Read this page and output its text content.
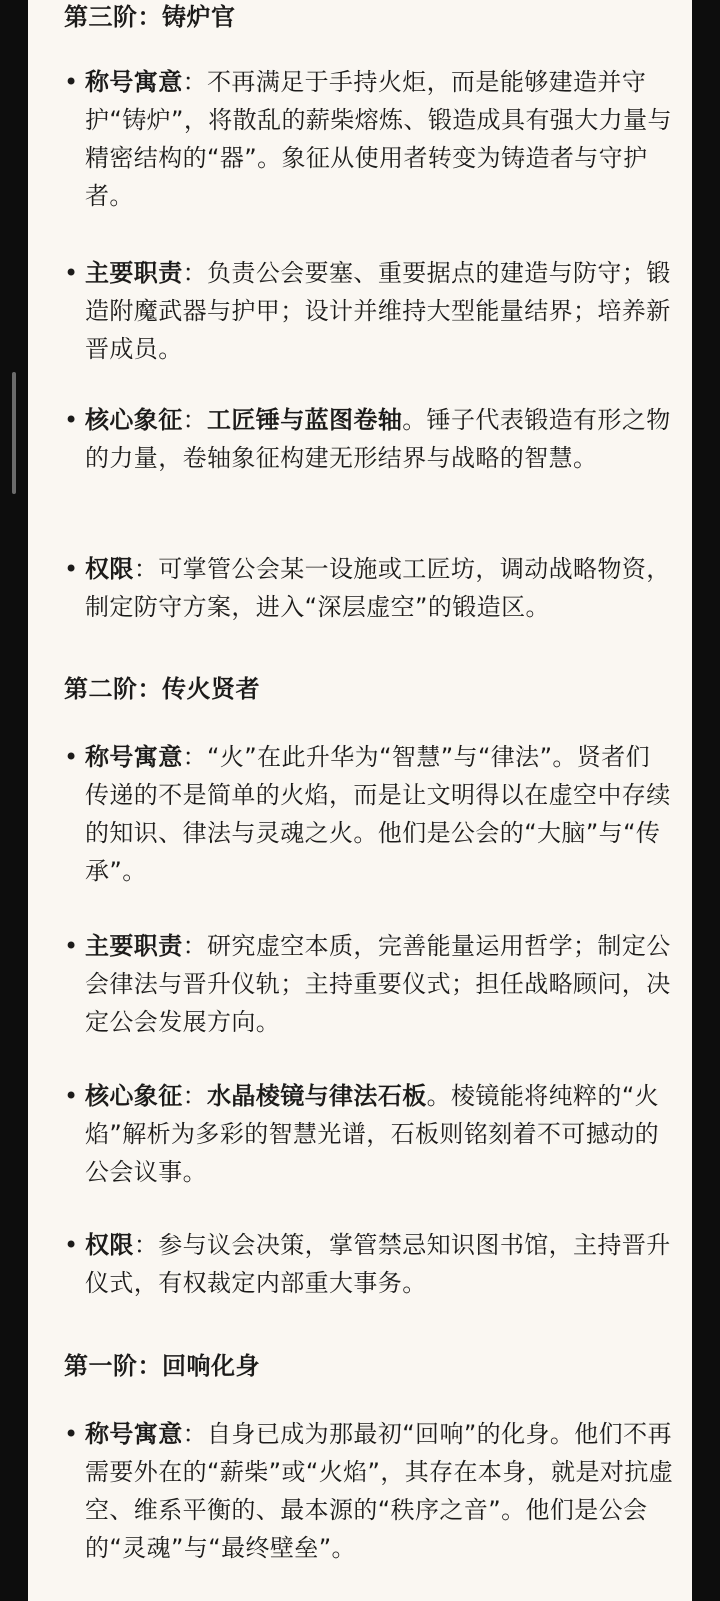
第三阶：铸炉官
• 称号寓意：不再满足于手持火炬，而是能够建造并守护“铸炉”，将散乱的薪柴熔炼、锻造成具有强大力量与精密结构的“器”。象征从使用者转变为铸造者与守护者。
• 主要职责：负责公会要塞、重要据点的建造与防守；锻造附魔武器与护甲；设计并维持大型能量结界；培养新晋成员。
• 核心象征：工匠锤与蓝图卷轴。锤子代表锻造有形之物的力量，卷轴象征构建无形结界与战略的智慧。
• 权限：可掌管公会某一设施或工匠坊，调动战略物资，制定防守方案，进入“深层虚空”的锻造区。
第二阶：传火贤者
• 称号寓意：“火”在此升华为“智慧”与“律法”。贤者们传递的不是简单的火焰，而是让文明得以在虚空中存续的知识、律法与灵魂之火。他们是公会的“大脑”与“传承”。
• 主要职责：研究虚空本质，完善能量运用哲学；制定公会律法与晋升仪轨；主持重要仪式；担任战略顾问，决定公会发展方向。
• 核心象征：水晶棱镜与律法石板。棱镜能将纯粹的“火焰”解析为多彩的智慧光谱，石板则铭刻着不可撼动的公会议事。
• 权限：参与议会决策，掌管禁忌知识图书馆，主持晋升仪式，有权裁定内部重大事务。
第一阶：回响化身
• 称号寓意：自身已成为那最初“回响”的化身。他们不再需要外在的“薪柴”或“火焰”，其存在本身，就是对抗虚空、维系平衡的、最本源的“秩序之音”。他们是公会的“灵魂”与“最终壁垒”。
